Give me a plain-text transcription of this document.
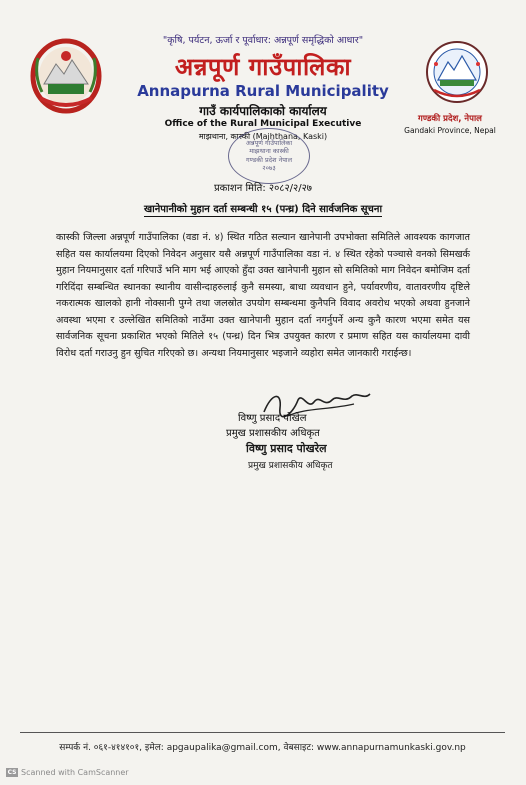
"कृषि, पर्यटन, ऊर्जा र पूर्वाधार: अन्नपूर्ण समृद्धिको आधार"
अन्नपूर्ण गाउँपालिका
Annapurna Rural Municipality
गाउँ कार्यपालिकाको कार्यालय
Office of the Rural Municipal Executive
माझथाना, कास्की (Majhthana, Kaski)
गण्डकी प्रदेश, नेपाल
Gandaki Province, Nepal
अन्नपूर्ण गाउँपालिका
माझथाना कास्की
गण्डकी प्रदेश नेपाल
२०७३
प्रकाशन मिति: २०८२/२/२७
खानेपानीको मुहान दर्ता सम्बन्धी १५ (पन्ध्र) दिने सार्वजनिक सूचना
कास्की जिल्ला अन्नपूर्ण गाउँपालिका (वडा नं. ४) स्थित गठित सल्यान खानेपानी उपभोक्ता समितिले आवश्यक कागजात सहित यस कार्यालयमा दिएको निवेदन अनुसार यसै अन्नपूर्ण गाउँपालिका वडा नं. ४ स्थित रहेको पञ्चासे वनको सिमखर्क मुहान नियमानुसार दर्ता गरिपाउँ भनि माग भई आएको हुँदा उक्त खानेपानी मुहान सो समितिको माग निवेदन बमोजिम दर्ता गरिदिंदा सम्बन्धित स्थानका स्थानीय वासीन्दाहरुलाई कुनै समस्या, बाधा व्यवधान हुने, पर्यावरणीय, वातावरणीय दृष्टिले नकरात्मक खालको हानी नोक्सानी पुग्ने तथा जलस्रोत उपयोग सम्बन्धमा कुनैपनि विवाद अवरोध भएको अथवा हुनजाने अवस्था भएमा र उल्लेखित समितिको नाउँमा उक्त खानेपानी मुहान दर्ता नगर्नुपर्ने अन्य कुनै कारण भएमा समेत यस सार्वजनिक सूचना प्रकाशित भएको मितिले १५ (पन्ध्र) दिन भित्र उपयुक्त कारण र प्रमाण सहित यस कार्यालयमा दावी विरोध दर्ता गराउनु हुन सुचित गरिएको छ। अन्यथा नियमानुसार भइजाने व्यहोरा समेत जानकारी गराईन्छ।
विष्णु प्रसाद पोखेल
प्रमुख प्रशासकीय अधिकृत
विष्णु प्रसाद पोखरेल
प्रमुख प्रशासकीय अधिकृत
सम्पर्क नं. ०६१-४१४१०१, इमेल: apgaupalika@gmail.com, वेबसाइट: www.annapurnamunkaski.gov.np
CS Scanned with CamScanner
